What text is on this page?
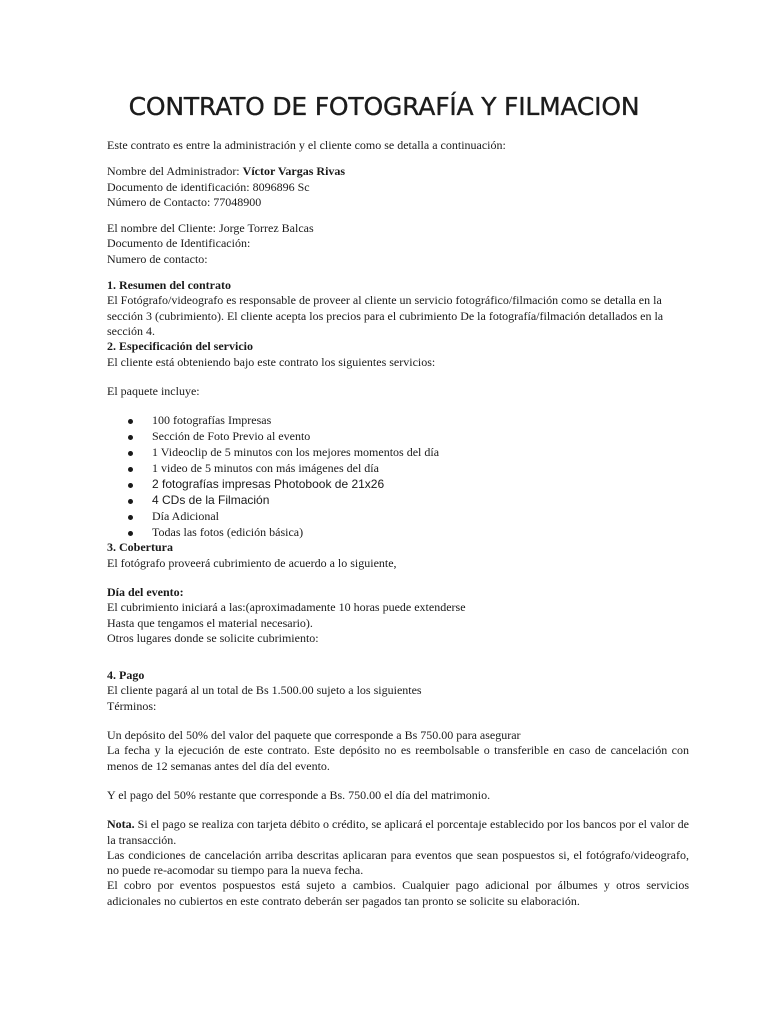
CONTRATO DE FOTOGRAFÍA Y FILMACION

Este contrato es entre la administración y el cliente como se detalla a continuación:

Nombre del Administrador: Víctor Vargas Rivas

Documento de identificación: 8096896 Sc

Número de Contacto: 77048900

El nombre del Cliente: Jorge Torrez Balcas

Documento de Identificación:

Numero de contacto:

1. Resumen del contrato

El Fotógrafo/videografo es responsable de proveer al cliente un servicio fotográfico/filmación como se detalla en la sección 3 (cubrimiento). El cliente acepta los precios para el cubrimiento De la fotografía/filmación detallados en la sección 4.

2. Especificación del servicio

El cliente está obteniendo bajo este contrato los siguientes servicios:

El paquete incluye:

100 fotografías Impresas
Sección de Foto Previo al evento
1 Videoclip de 5 minutos con los mejores momentos del día
1 video de 5 minutos con más imágenes del día
2 fotografías impresas Photobook de 21x26
4 CDs de la Filmación
Día Adicional
Todas las fotos (edición básica)

3. Cobertura

El fotógrafo proveerá cubrimiento de acuerdo a lo siguiente,

Día del evento:

El cubrimiento iniciará a las:(aproximadamente 10 horas puede extenderse

Hasta que tengamos el material necesario).

Otros lugares donde se solicite cubrimiento:

4. Pago

El cliente pagará al un total de Bs 1.500.00 sujeto a los siguientes

Términos:

Un depósito del 50% del valor del paquete que corresponde a Bs 750.00 para asegurar

La fecha y la ejecución de este contrato. Este depósito no es reembolsable o transferible en caso de cancelación con menos de 12 semanas antes del día del evento.

Y el pago del 50% restante que corresponde a Bs. 750.00 el día del matrimonio.

Nota. Si el pago se realiza con tarjeta débito o crédito, se aplicará el porcentaje establecido por los bancos por el valor de la transacción.

Las condiciones de cancelación arriba descritas aplicaran para eventos que sean pospuestos si, el fotógrafo/videografo, no puede re-acomodar su tiempo para la nueva fecha.

El cobro por eventos pospuestos está sujeto a cambios. Cualquier pago adicional por álbumes y otros servicios adicionales no cubiertos en este contrato deberán ser pagados tan pronto se solicite su elaboración.
